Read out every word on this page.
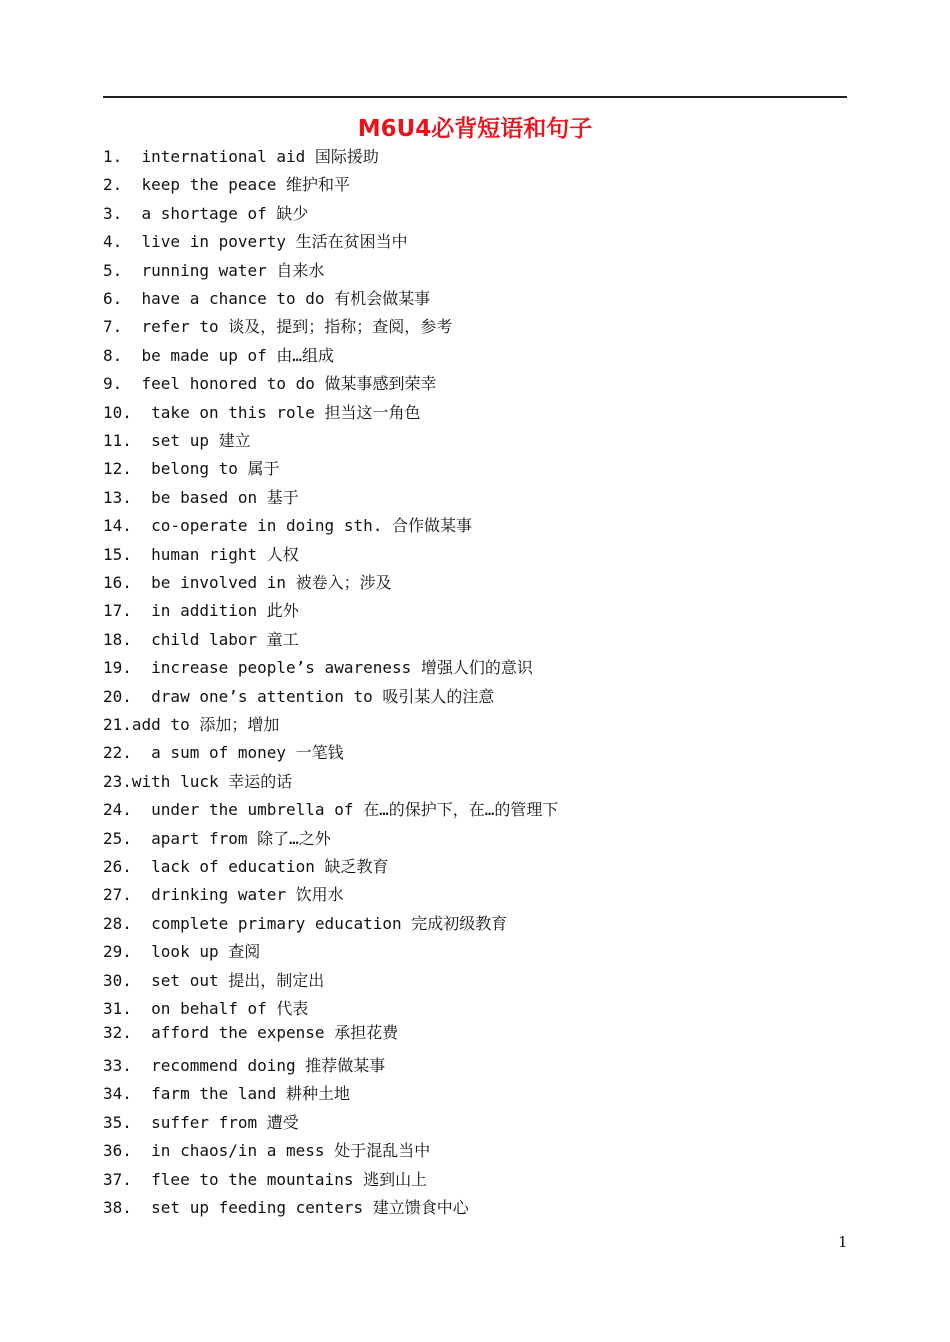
M6U4必背短语和句子
1.  international aid 国际援助
2.  keep the peace 维护和平
3.  a shortage of 缺少
4.  live in poverty 生活在贫困当中
5.  running water 自来水
6.  have a chance to do 有机会做某事
7.  refer to 谈及，提到；指称；查阅，参考
8.  be made up of 由…组成
9.  feel honored to do 做某事感到荣幸
10.  take on this role 担当这一角色
11.  set up 建立
12.  belong to 属于
13.  be based on 基于
14.  co-operate in doing sth. 合作做某事
15.  human right 人权
16.  be involved in 被卷入；涉及
17.  in addition 此外
18.  child labor 童工
19.  increase people’s awareness 增强人们的意识
20.  draw one’s attention to 吸引某人的注意
21.add to 添加；增加
22.  a sum of money 一笔钱
23.with luck 幸运的话
24.  under the umbrella of 在…的保护下，在…的管理下
25.  apart from 除了…之外
26.  lack of education 缺乏教育
27.  drinking water 饮用水
28.  complete primary education 完成初级教育
29.  look up 查阅
30.  set out 提出，制定出
31.  on behalf of 代表
32.  afford the expense 承担花费
33.  recommend doing 推荐做某事
34.  farm the land 耕种土地
35.  suffer from 遭受
36.  in chaos/in a mess 处于混乱当中
37.  flee to the mountains 逃到山上
38.  set up feeding centers 建立馈食中心
1
